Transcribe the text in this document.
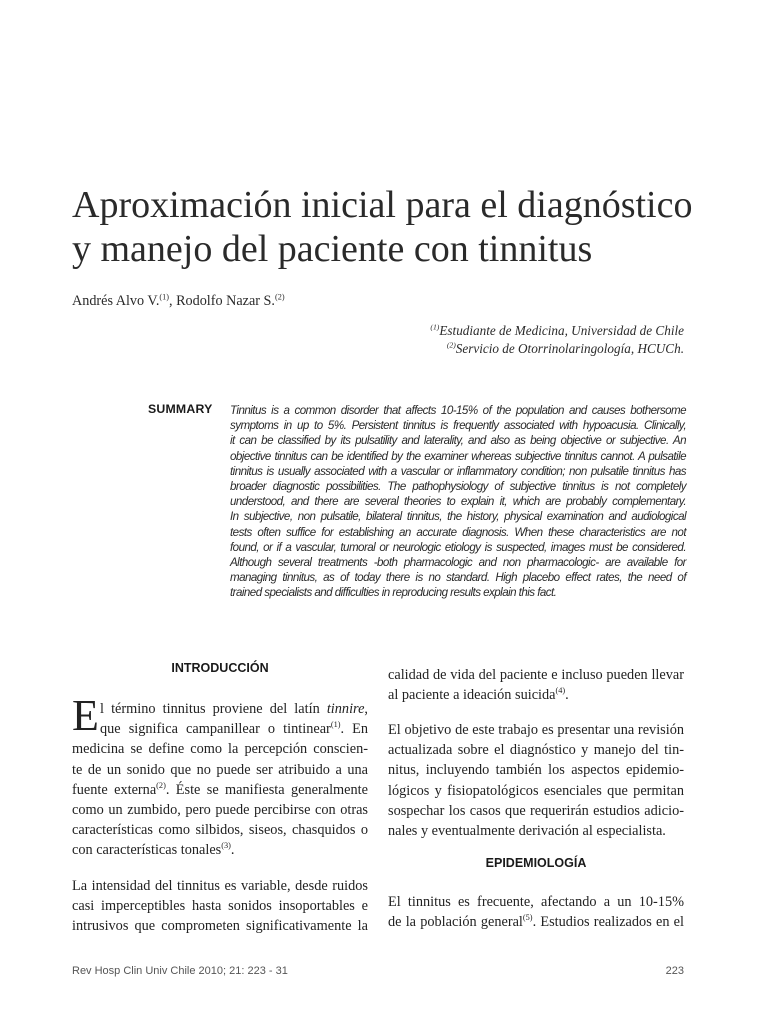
Aproximación inicial para el diagnóstico
y manejo del paciente con tinnitus
Andrés Alvo V.$^{(1)}$, Rodolfo Nazar S.$^{(2)}$
$^{(1)}$Estudiante de Medicina, Universidad de Chile
$^{(2)}$Servicio de Otorrinolaringología, HCUCh.
SUMMARY Tinnitus is a common disorder that affects 10-15% of the population and causes bothersome
symptoms in up to 5%. Persistent tinnitus is frequently associated with hypoacusia. Clinically,
it can be classified by its pulsatility and laterality, and also as being objective or subjective. An
objective tinnitus can be identified by the examiner whereas subjective tinnitus cannot. A pulsatile
tinnitus is usually associated with a vascular or inflammatory condition; non pulsatile tinnitus has
broader diagnostic possibilities. The pathophysiology of subjective tinnitus is not completely
understood, and there are several theories to explain it, which are probably complementary.
In subjective, non pulsatile, bilateral tinnitus, the history, physical examination and audiological
tests often suffice for establishing an accurate diagnosis. When these characteristics are not
found, or if a vascular, tumoral or neurologic etiology is suspected, images must be considered.
Although several treatments -both pharmacologic and non pharmacologic- are available for
managing tinnitus, as of today there is no standard. High placebo effect rates, the need of
trained specialists and difficulties in reproducing results explain this fact.
INTRODUCCIÓN
EPIDEMIOLOGÍA
E l término tinnitus proviene del latín tinnire,
que significa campanillear o tintinear$^{(1)}$. En
medicina se define como la percepción conscien-
te de un sonido que no puede ser atribuido a una
fuente externa$^{(2)}$. Éste se manifiesta generalmente
como un zumbido, pero puede percibirse con otras
características como silbidos, siseos, chasquidos o
con características tonales$^{(3)}$.
La intensidad del tinnitus es variable, desde ruidos
casi imperceptibles hasta sonidos insoportables e
intrusivos que comprometen significativamente la
calidad de vida del paciente e incluso pueden llevar
al paciente a ideación suicida$^{(4)}$.
El objetivo de este trabajo es presentar una revisión
actualizada sobre el diagnóstico y manejo del tin-
nitus, incluyendo también los aspectos epidemio-
lógicos y fisiopatológicos esenciales que permitan
sospechar los casos que requerirán estudios adicio-
nales y eventualmente derivación al especialista.
El tinnitus es frecuente, afectando a un 10-15%
de la población general$^{(5)}$. Estudios realizados en el
Rev Hosp Clin Univ Chile 2010; 21: 223 - 31	223
